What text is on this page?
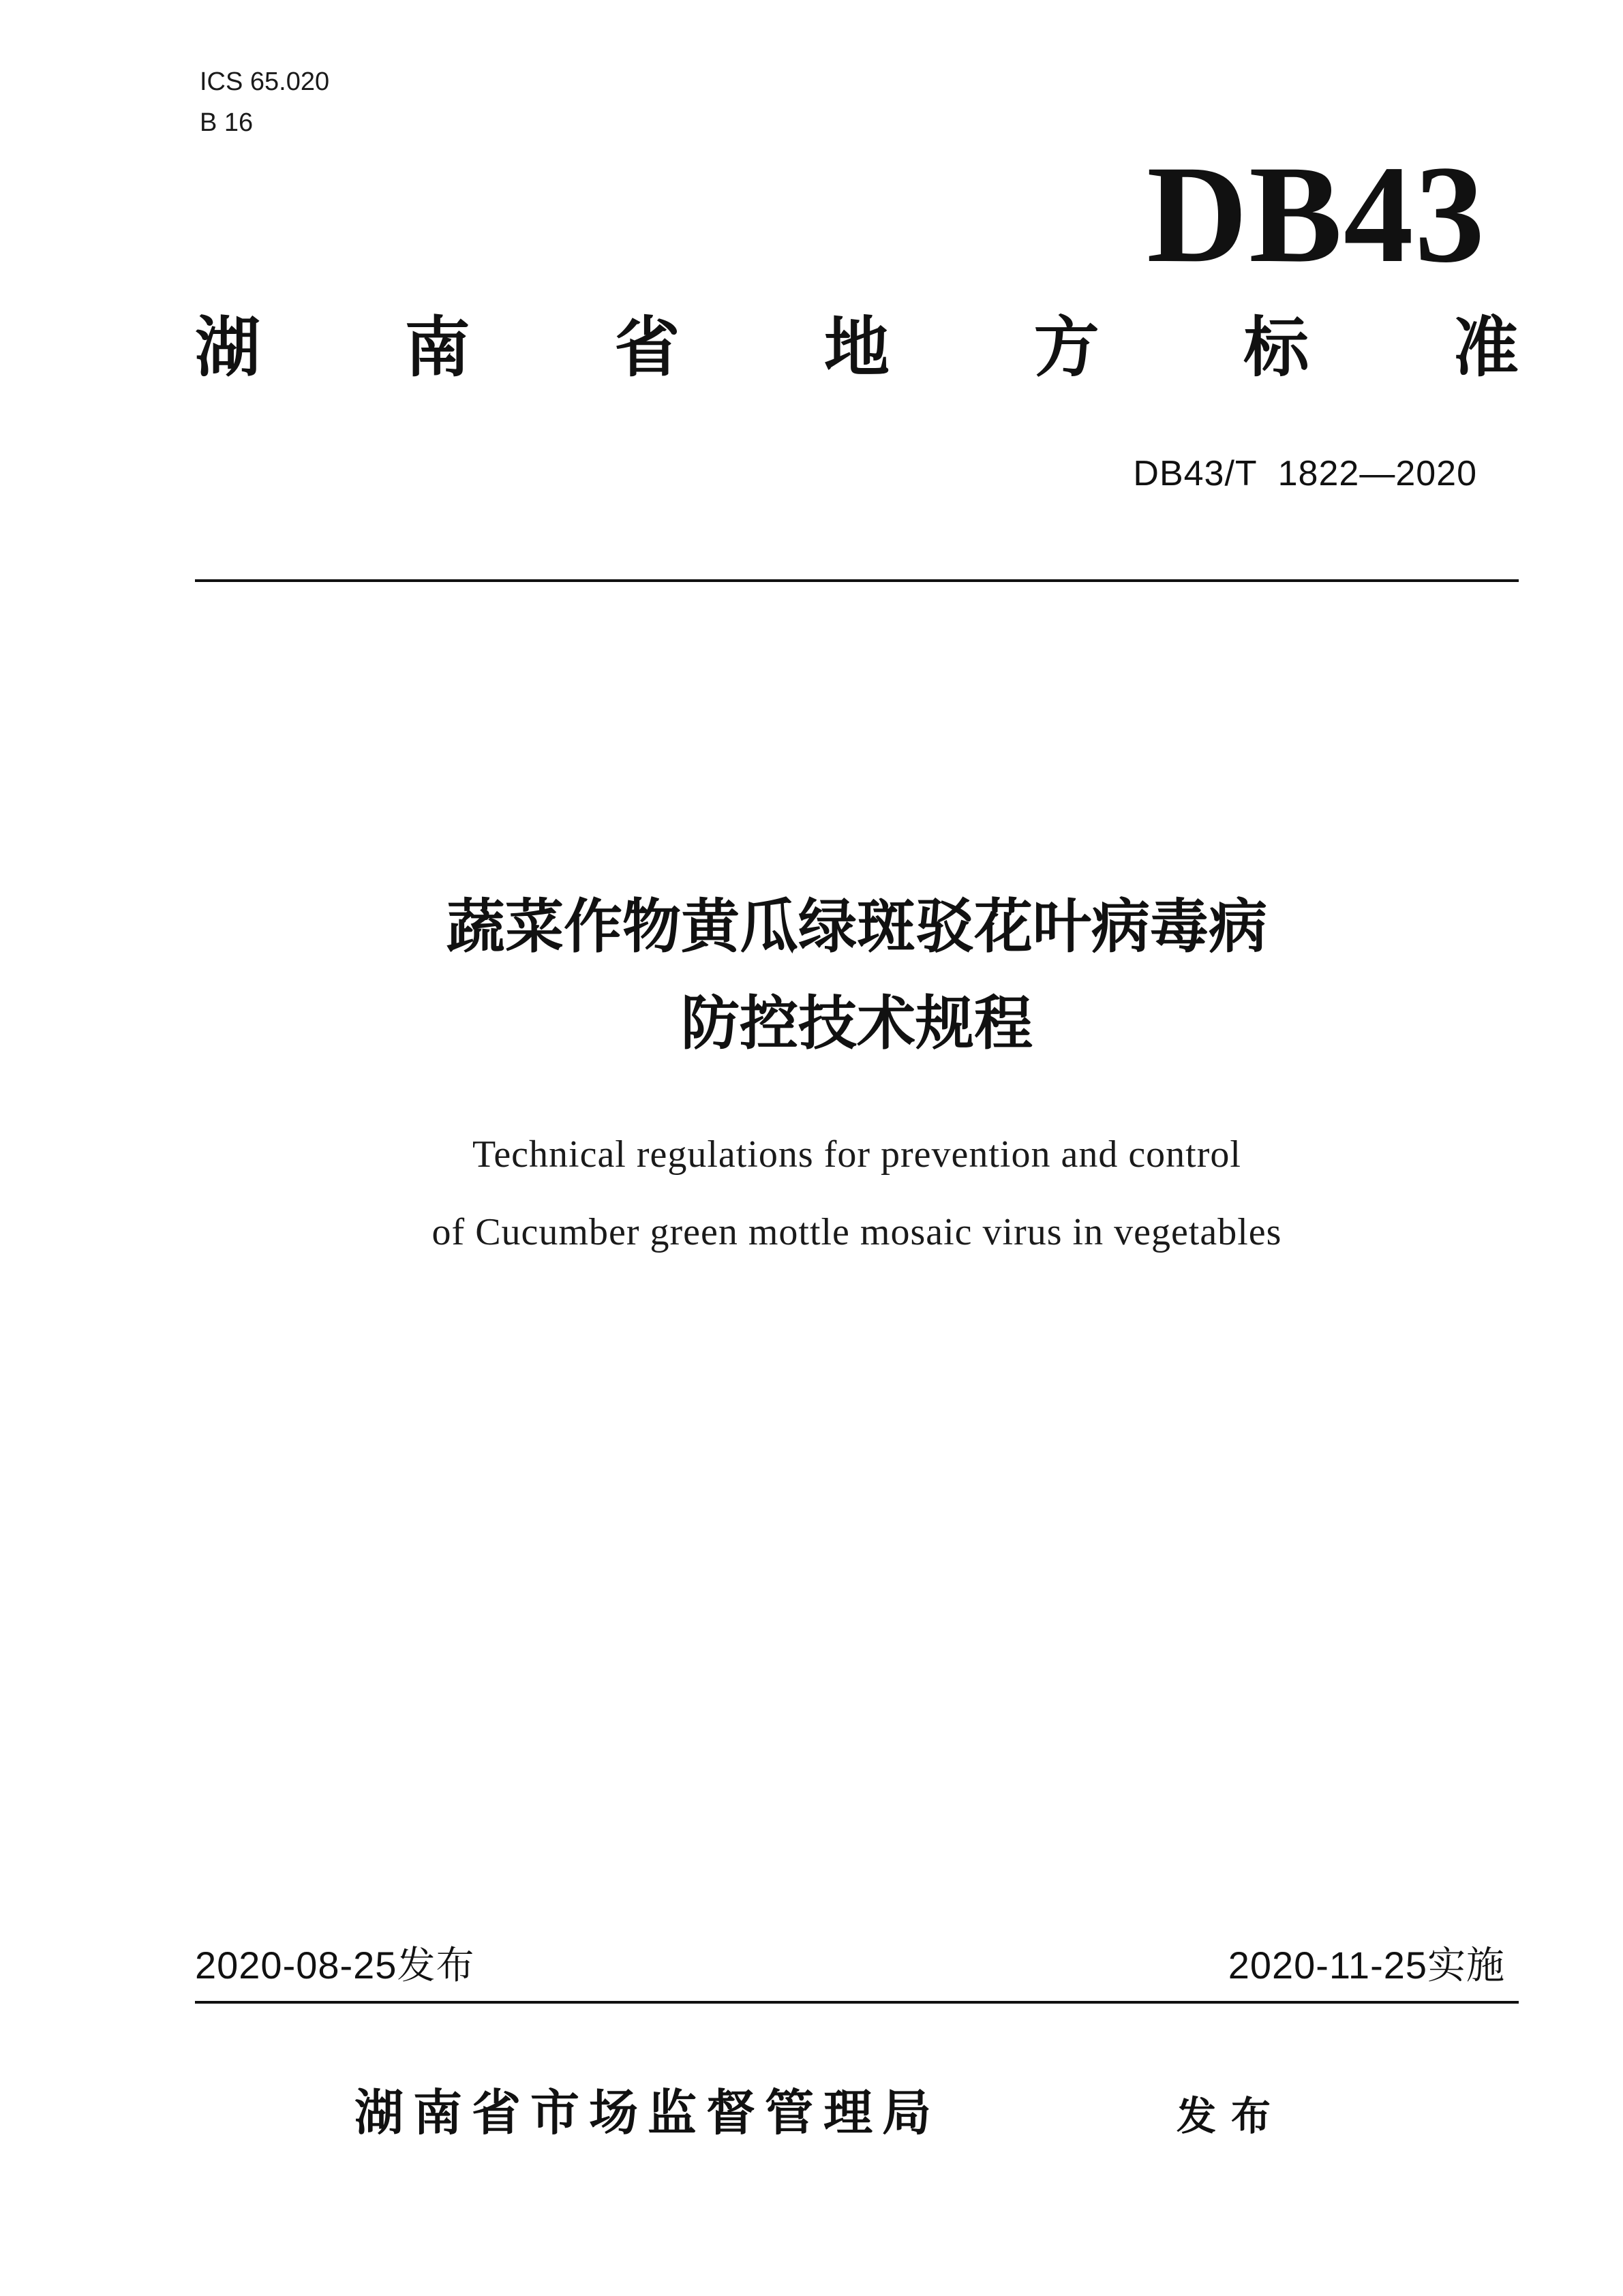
ICS 65.020
B 16
DB43
湖 南 省 地 方 标 准
DB43/T  1822—2020
蔬菜作物黄瓜绿斑驳花叶病毒病
防控技术规程
Technical regulations for prevention and control
of Cucumber green mottle mosaic virus in vegetables
2020-08-25发布	2020-11-25实施
湖南省市场监督管理局	发布
